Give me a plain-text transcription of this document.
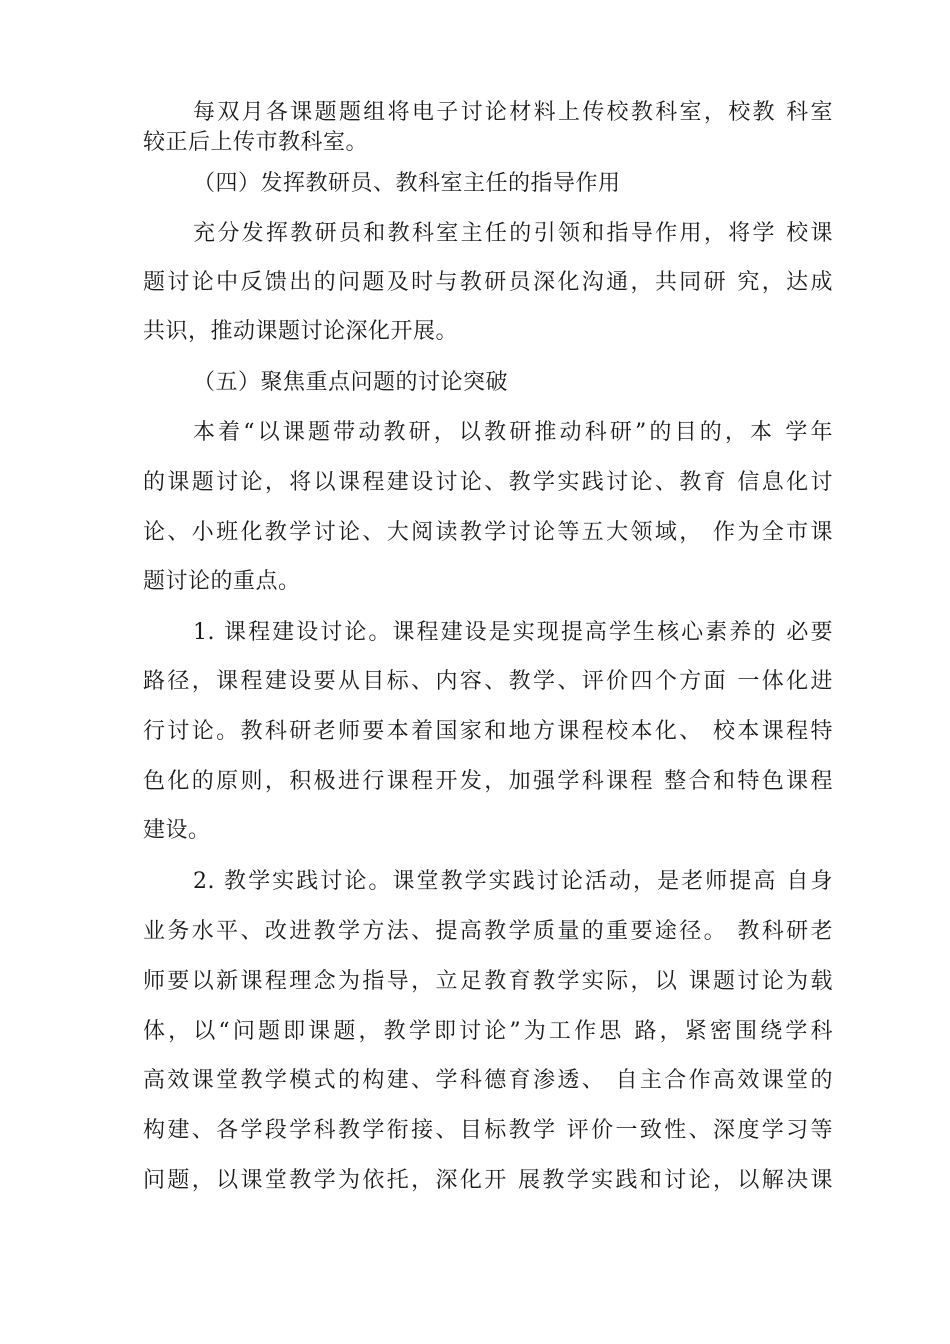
每双月各课题题组将电子讨论材料上传校教科室，校教 科室
较正后上传市教科室。
（四）发挥教研员、教科室主任的指导作用
充分发挥教研员和教科室主任的引领和指导作用，将学 校课
题讨论中反馈出的问题及时与教研员深化沟通，共同研 究，达成
共识，推动课题讨论深化开展。
（五）聚焦重点问题的讨论突破
本着“以课题带动教研，以教研推动科研”的目的，本 学年
的课题讨论，将以课程建设讨论、教学实践讨论、教育 信息化讨
论、小班化教学讨论、大阅读教学讨论等五大领域， 作为全市课
题讨论的重点。
1. 课程建设讨论。课程建设是实现提高学生核心素养的 必要
路径，课程建设要从目标、内容、教学、评价四个方面 一体化进
行讨论。教科研老师要本着国家和地方课程校本化、 校本课程特
色化的原则，积极进行课程开发，加强学科课程 整合和特色课程
建设。
2. 教学实践讨论。课堂教学实践讨论活动，是老师提高 自身
业务水平、改进教学方法、提高教学质量的重要途径。 教科研老
师要以新课程理念为指导，立足教育教学实际，以 课题讨论为载
体，以“问题即课题，教学即讨论”为工作思 路，紧密围绕学科
高效课堂教学模式的构建、学科德育渗透、 自主合作高效课堂的
构建、各学段学科教学衔接、目标教学 评价一致性、深度学习等
问题，以课堂教学为依托，深化开 展教学实践和讨论，以解决课
